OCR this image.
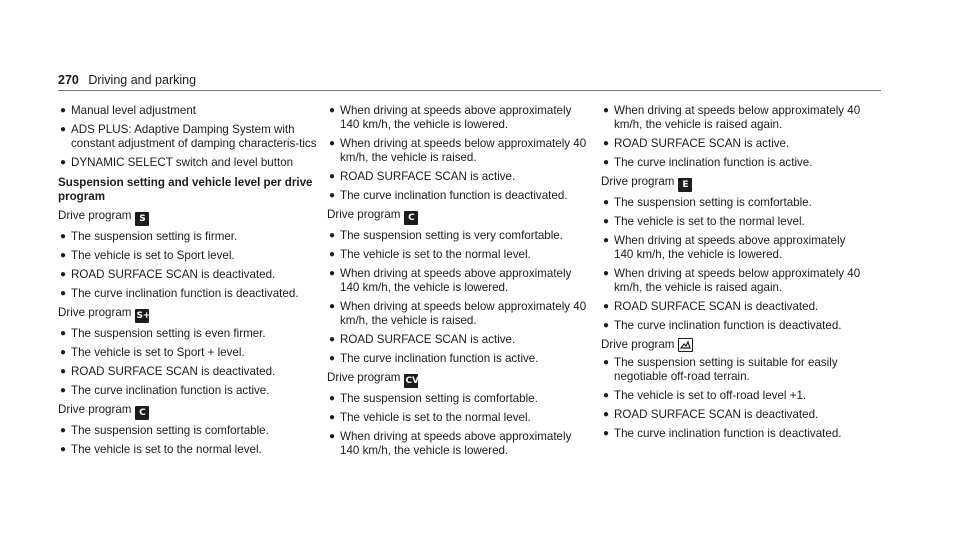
270 Driving and parking
● Manual level adjustment
● ADS PLUS: Adaptive Damping System with constant adjustment of damping characteris-tics
● DYNAMIC SELECT switch and level button
Suspension setting and vehicle level per drive program
Drive program S
● The suspension setting is firmer.
● The vehicle is set to Sport level.
● ROAD SURFACE SCAN is deactivated.
● The curve inclination function is deactivated.
Drive program S+
● The suspension setting is even firmer.
● The vehicle is set to Sport + level.
● ROAD SURFACE SCAN is deactivated.
● The curve inclination function is active.
Drive program C
● The suspension setting is comfortable.
● The vehicle is set to the normal level.
● When driving at speeds above approximately 140 km/h, the vehicle is lowered.
● When driving at speeds below approximately 40 km/h, the vehicle is raised.
● ROAD SURFACE SCAN is active.
● The curve inclination function is deactivated.
Drive program C
● The suspension setting is very comfortable.
● The vehicle is set to the normal level.
● When driving at speeds above approximately 140 km/h, the vehicle is lowered.
● When driving at speeds below approximately 40 km/h, the vehicle is raised.
● ROAD SURFACE SCAN is active.
● The curve inclination function is active.
Drive program CV
● The suspension setting is comfortable.
● The vehicle is set to the normal level.
● When driving at speeds above approximately 140 km/h, the vehicle is lowered.
● When driving at speeds below approximately 40 km/h, the vehicle is raised again.
● ROAD SURFACE SCAN is active.
● The curve inclination function is active.
Drive program E
● The suspension setting is comfortable.
● The vehicle is set to the normal level.
● When driving at speeds above approximately 140 km/h, the vehicle is lowered.
● When driving at speeds below approximately 40 km/h, the vehicle is raised again.
● ROAD SURFACE SCAN is deactivated.
● The curve inclination function is deactivated.
Drive program
● The suspension setting is suitable for easily negotiable off-road terrain.
● The vehicle is set to off-road level +1.
● ROAD SURFACE SCAN is deactivated.
● The curve inclination function is deactivated.
